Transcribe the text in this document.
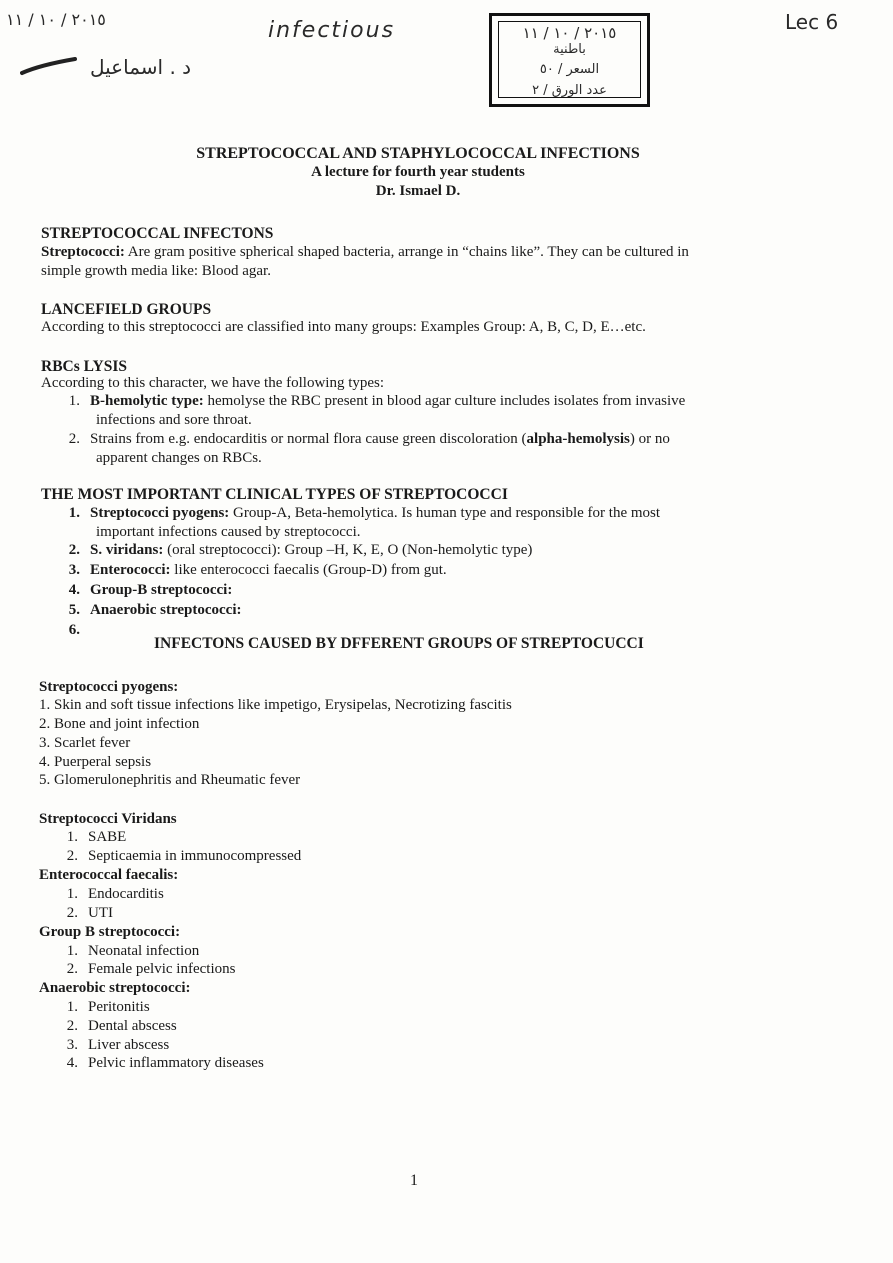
٢٠١٥ / ١٠ / ١١
د . اسماعيل
infectious	Lec 6
٢٠١٥ / ١٠ / ١١
باطنية
السعر / ٥٠
عدد الورق / ٢
STREPTOCOCCAL AND STAPHYLOCOCCAL INFECTIONS
A lecture for fourth year students
Dr. Ismael D.
STREPTOCOCCAL INFECTONS
Streptococci: Are gram positive spherical shaped bacteria, arrange in “chains like”. They can be cultured in
simple growth media like: Blood agar.
LANCEFIELD GROUPS
According to this streptococci are classified into many groups: Examples Group: A, B, C, D, E…etc.
RBCs LYSIS
According to this character, we have the following types:
1. B-hemolytic type: hemolyse the RBC present in blood agar culture includes isolates from invasive
infections and sore throat.
2. Strains from e.g. endocarditis or normal flora cause green discoloration (alpha-hemolysis) or no
apparent changes on RBCs.
THE MOST IMPORTANT CLINICAL TYPES OF STREPTOCOCCI
1. Streptococci pyogens: Group-A, Beta-hemolytica. Is human type and responsible for the most
important infections caused by streptococci.
2. S. viridans: (oral streptococci): Group –H, K, E, O (Non-hemolytic type)
3. Enterococci: like enterococci faecalis (Group-D) from gut.
4. Group-B streptococci:
5. Anaerobic streptococci:
6.
INFECTONS CAUSED BY DFFERENT GROUPS OF STREPTOCUCCI
Streptococci pyogens:
1. Skin and soft tissue infections like impetigo, Erysipelas, Necrotizing fascitis
2. Bone and joint infection
3. Scarlet fever
4. Puerperal sepsis
5. Glomerulonephritis and Rheumatic fever
Streptococci Viridans
1. SABE
2. Septicaemia in immunocompressed
Enterococcal faecalis:
1. Endocarditis
2. UTI
Group B streptococci:
1. Neonatal infection
2. Female pelvic infections
Anaerobic streptococci:
1. Peritonitis
2. Dental abscess
3. Liver abscess
4. Pelvic inflammatory diseases
1
